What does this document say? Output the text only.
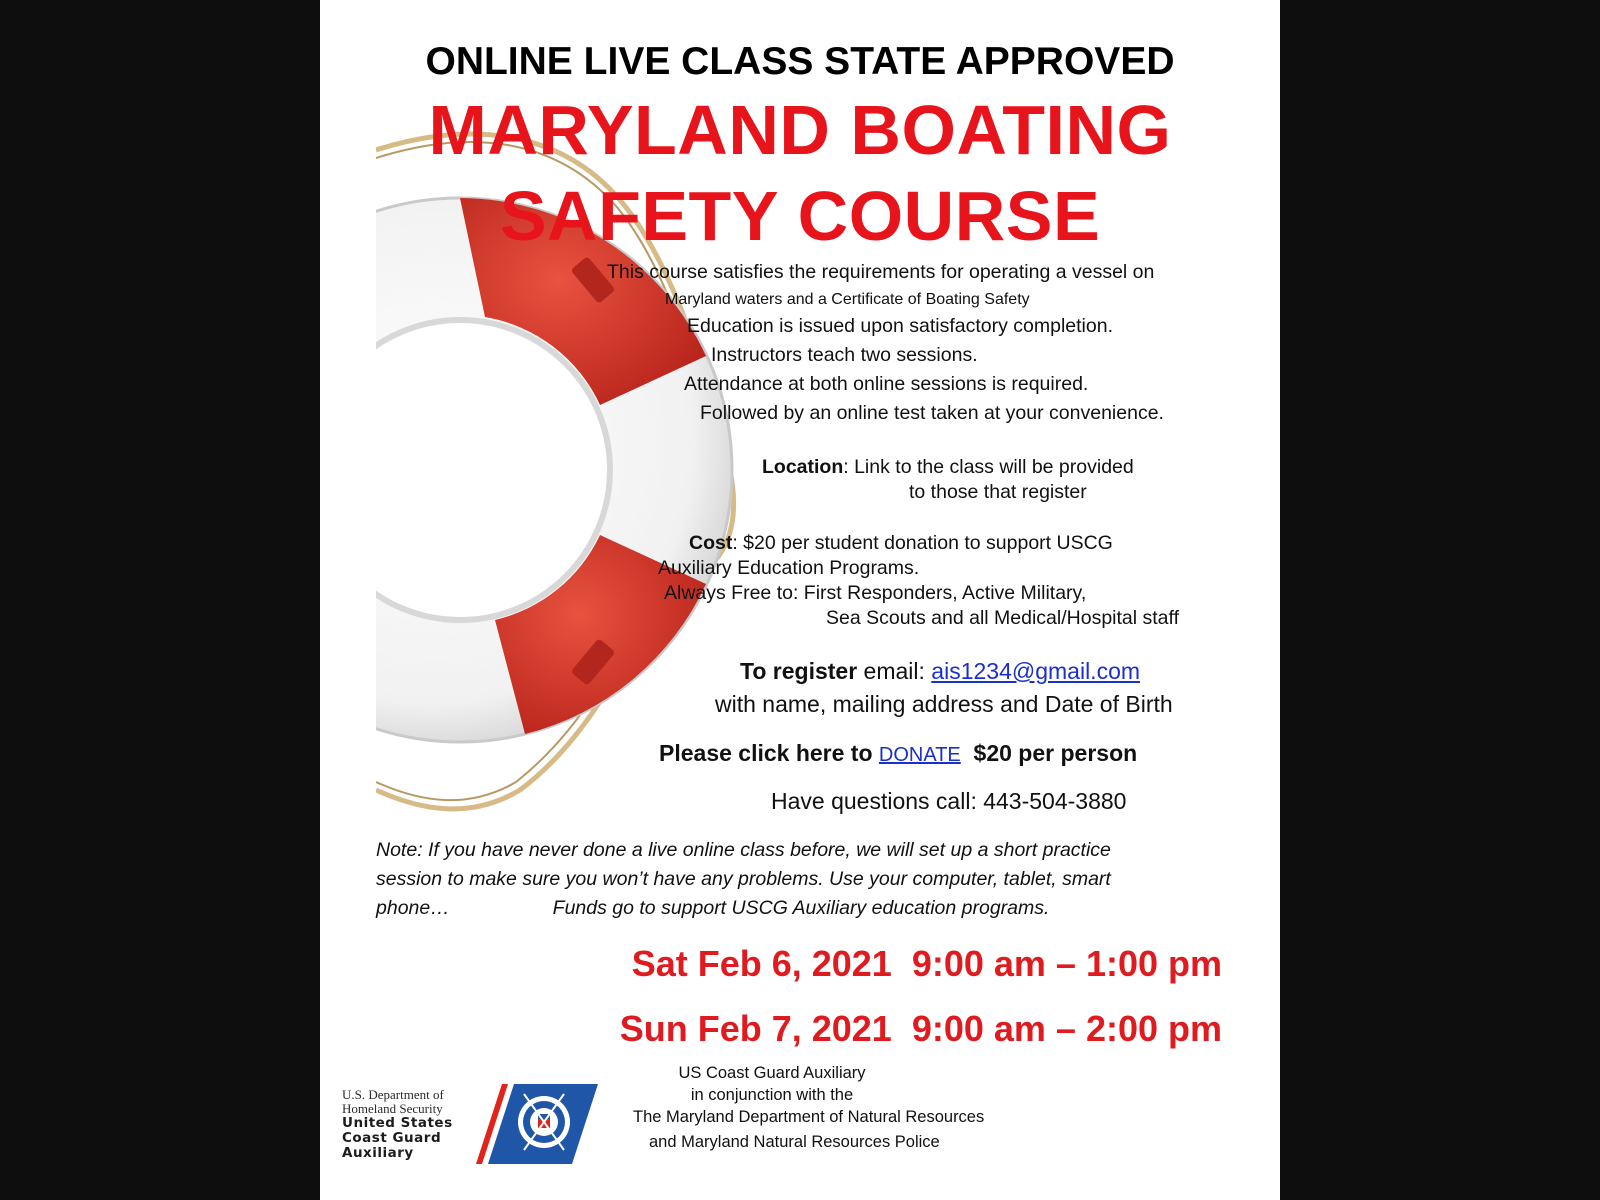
ONLINE LIVE CLASS STATE APPROVED
MARYLAND BOATING
SAFETY COURSE
This course satisfies the requirements for operating a vessel on
Maryland waters and a Certificate of Boating Safety
Education is issued upon satisfactory completion.
Instructors teach two sessions.
Attendance at both online sessions is required.
Followed by an online test taken at your convenience.
Location: Link to the class will be provided
to those that register
Cost: $20 per student donation to support USCG
Auxiliary Education Programs.
Always Free to: First Responders, Active Military,
Sea Scouts and all Medical/Hospital staff
To register email: ais1234@gmail.com
with name, mailing address and Date of Birth
Please click here to DONATE  $20 per person
Have questions call: 443-504-3880
Note: If you have never done a live online class before, we will set up a short practice
session to make sure you won’t have any problems. Use your computer, tablet, smart
phone…                   Funds go to support USCG Auxiliary education programs.
Sat Feb 6, 2021  9:00 am – 1:00 pm
Sun Feb 7, 2021  9:00 am – 2:00 pm
US Coast Guard Auxiliary
in conjunction with the
The Maryland Department of Natural Resources
and Maryland Natural Resources Police
U.S. Department of
Homeland Security
United States
Coast Guard
Auxiliary
